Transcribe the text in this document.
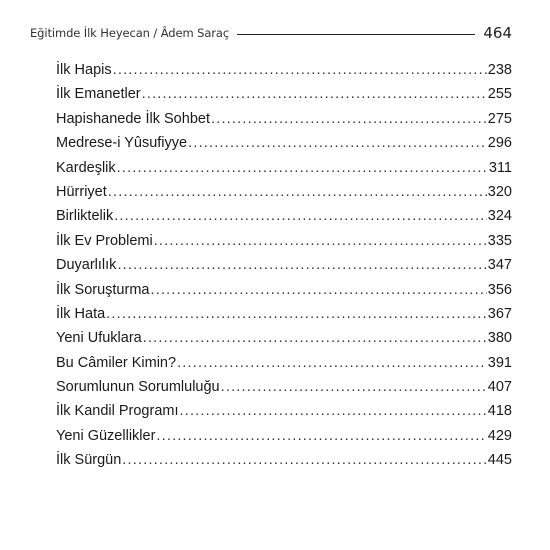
Eğitimde İlk Heyecan / Âdem Saraç	464
İlk Hapis .....	238
İlk Emanetler .....	255
Hapishanede İlk Sohbet .....	275
Medrese-i Yûsufiyye .....	296
Kardeşlik .....	311
Hürriyet .....	320
Birliktelik .....	324
İlk Ev Problemi .....	335
Duyarlılık .....	347
İlk Soruşturma .....	356
İlk Hata .....	367
Yeni Ufuklara .....	380
Bu Câmiler Kimin? .....	391
Sorumlunun Sorumluluğu .....	407
İlk Kandil Programı .....	418
Yeni Güzellikler .....	429
İlk Sürgün .....	445
